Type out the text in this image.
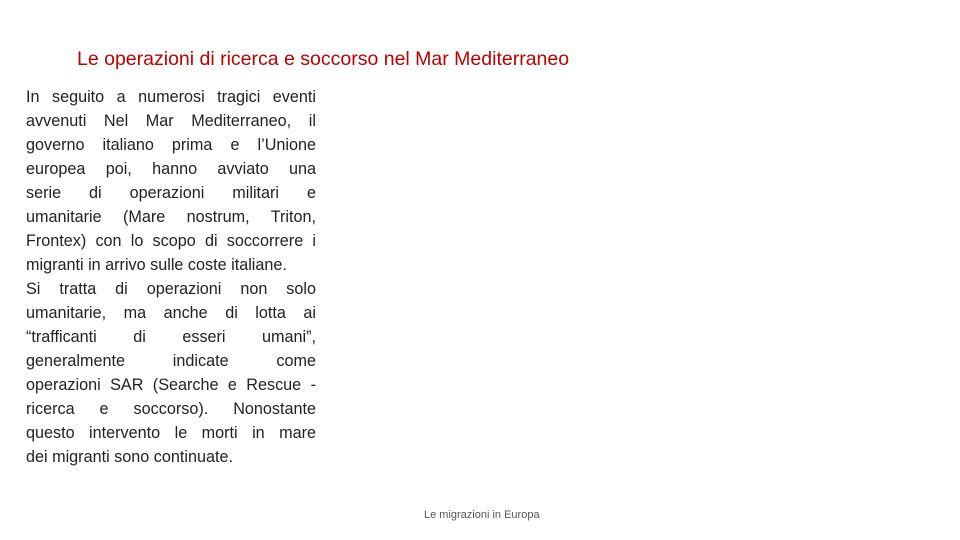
Le operazioni di ricerca e soccorso nel Mar Mediterraneo
In seguito a numerosi tragici eventi
avvenuti Nel Mar Mediterraneo, il
governo italiano prima e l’Unione
europea poi, hanno avviato una
serie di operazioni militari e
umanitarie (Mare nostrum, Triton,
Frontex) con lo scopo di soccorrere i
migranti in arrivo sulle coste italiane.
Si tratta di operazioni non solo
umanitarie, ma anche di lotta ai
“trafficanti di esseri umani”,
generalmente indicate come
operazioni SAR (Searche e Rescue -
ricerca e soccorso). Nonostante
questo intervento le morti in mare
dei migranti sono continuate.
Le migrazioni in Europa
